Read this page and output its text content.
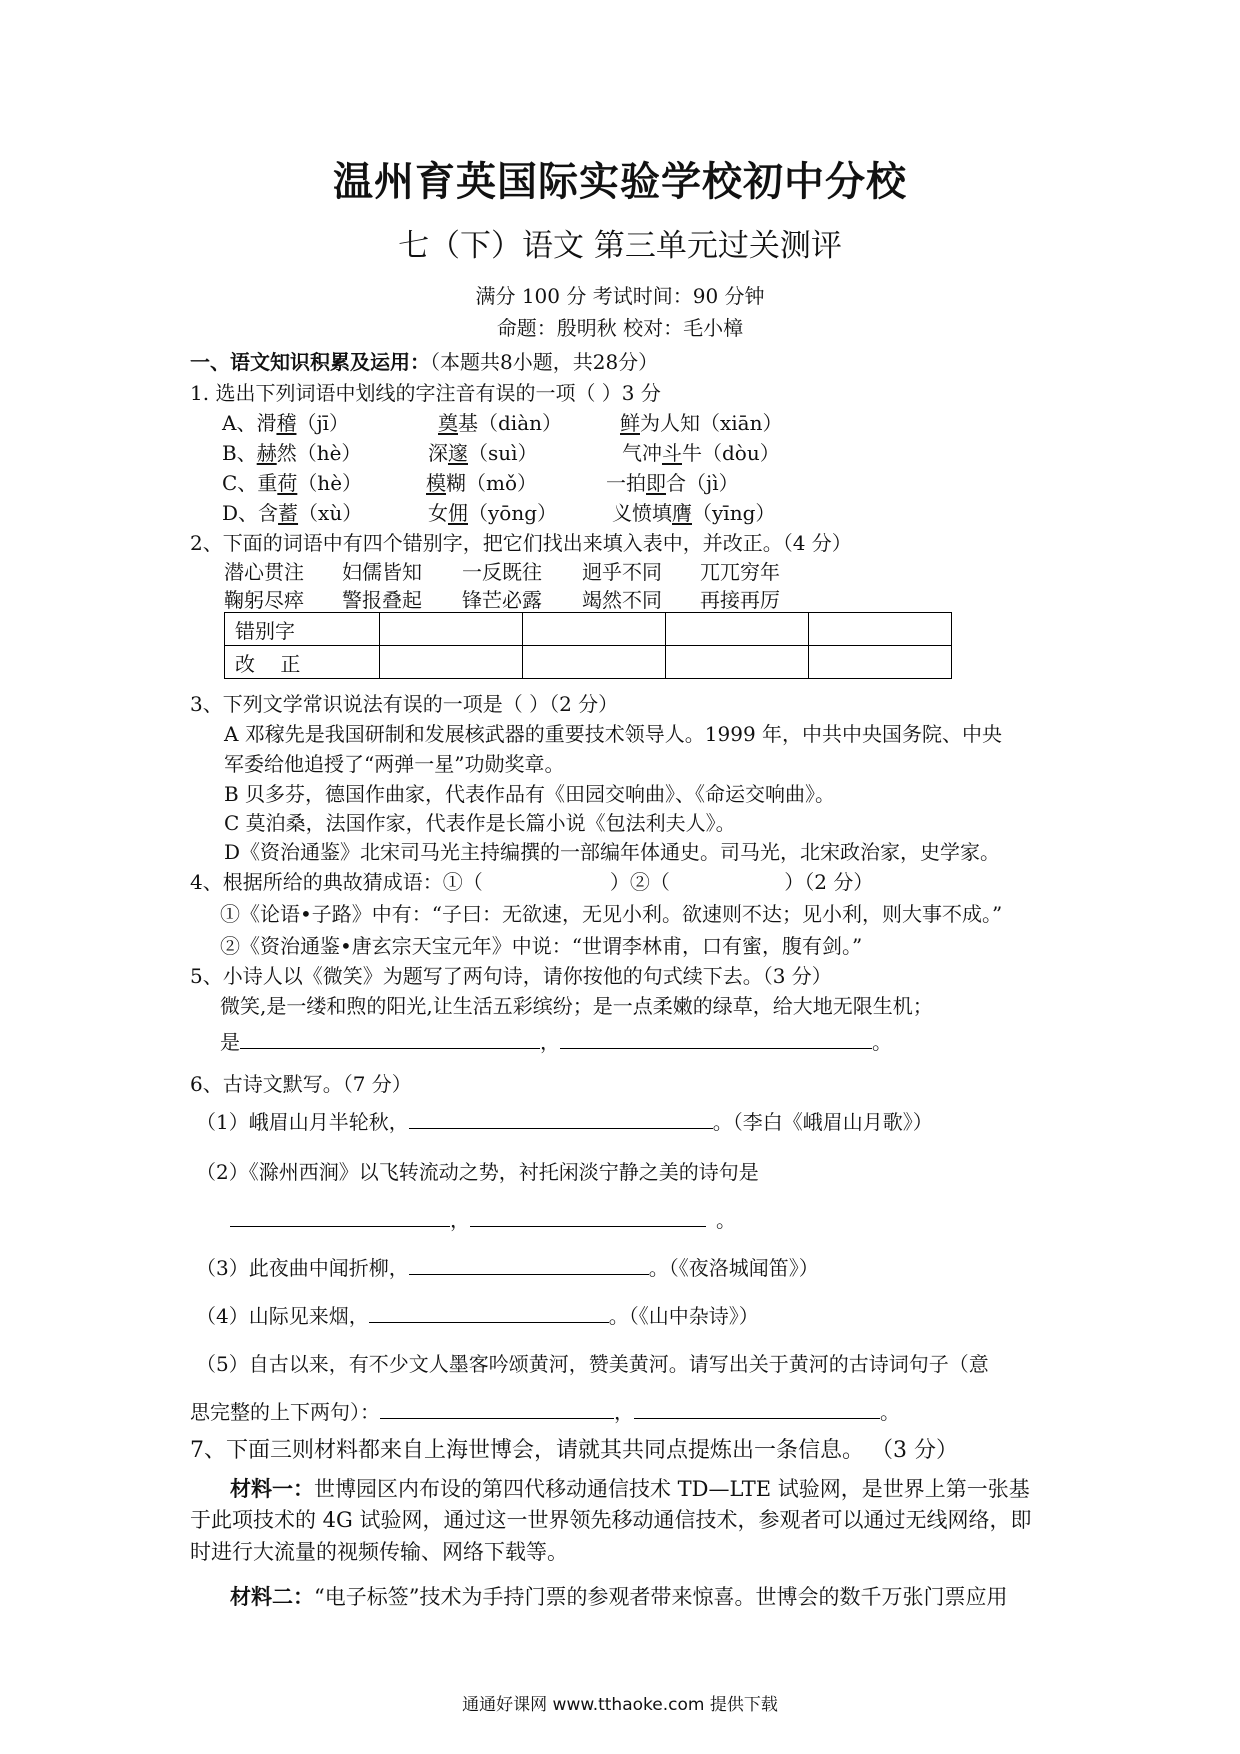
温州育英国际实验学校初中分校
七（下）语文 第三单元过关测评
满分 100 分 考试时间：90 分钟
命题：殷明秋 校对：毛小樟
一、语文知识积累及运用：（本题共8小题，共28分）
1. 选出下列词语中划线的字注音有误的一项（ ）3 分
A、滑稽（jī）	奠基（diàn）	鲜为人知（xiān）
B、赫然（hè）	深邃（suì）	气冲斗牛（dòu）
C、重荷（hè）	模糊（mǒ）	一拍即合（jì）
D、含蓄（xù）	女佣（yōng）	义愤填膺（yīng）
2、下面的词语中有四个错别字，把它们找出来填入表中，并改正。（4 分）
潜心贯注 妇儒皆知 一反既往 迥乎不同 兀兀穷年
鞠躬尽瘁 警报叠起 锋芒必露 竭然不同 再接再厉
错别字				
改    正				
3、下列文学常识说法有误的一项是（ ）（2 分）
A 邓稼先是我国研制和发展核武器的重要技术领导人。1999 年，中共中央国务院、中央
军委给他追授了“两弹一星”功勋奖章。
B 贝多芬，德国作曲家，代表作品有《田园交响曲》、《命运交响曲》。
C 莫泊桑，法国作家，代表作是长篇小说《包法利夫人》。
D《资治通鉴》北宋司马光主持编撰的一部编年体通史。司马光，北宋政治家，史学家。
4、根据所给的典故猜成语：①（                    ）②（                  ）（2 分）
①《论语•子路》中有：“子曰：无欲速，无见小利。欲速则不达；见小利，则大事不成。”
②《资治通鉴•唐玄宗天宝元年》中说：“世谓李林甫，口有蜜，腹有剑。”
5、小诗人以《微笑》为题写了两句诗，请你按他的句式续下去。（3 分）
微笑,是一缕和煦的阳光,让生活五彩缤纷；是一点柔嫩的绿草，给大地无限生机；
是	，	。
6、古诗文默写。（7 分）
（1）峨眉山月半轮秋，	。（李白《峨眉山月歌》）
（2）《滁州西涧》以飞转流动之势，衬托闲淡宁静之美的诗句是
，	。
（3）此夜曲中闻折柳，	。（《夜洛城闻笛》）
（4）山际见来烟，	。（《山中杂诗》）
（5）自古以来，有不少文人墨客吟颂黄河，赞美黄河。请写出关于黄河的古诗词句子（意
思完整的上下两句）：	，	。
7、下面三则材料都来自上海世博会，请就其共同点提炼出一条信息。 （3 分）
材料一：世博园区内布设的第四代移动通信技术 TD—LTE 试验网，是世界上第一张基
于此项技术的 4G 试验网，通过这一世界领先移动通信技术，参观者可以通过无线网络，即
时进行大流量的视频传输、网络下载等。
材料二：“电子标签”技术为手持门票的参观者带来惊喜。世博会的数千万张门票应用
通通好课网 www.tthaoke.com 提供下载
